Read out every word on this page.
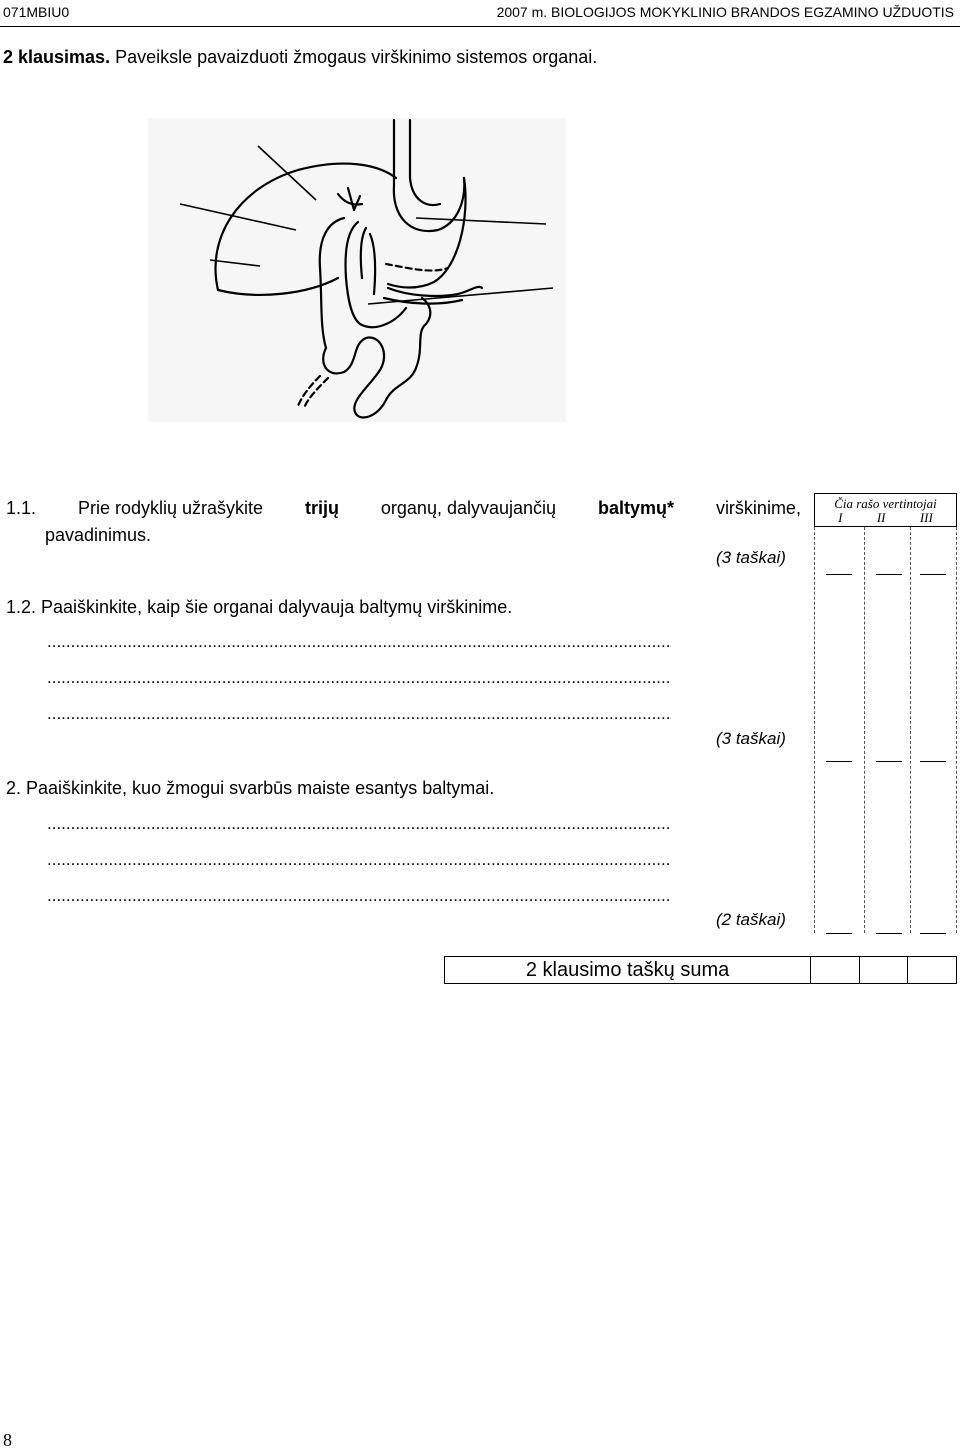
071MBIU0	2007 m. BIOLOGIJOS MOKYKLINIO BRANDOS EGZAMINO UŽDUOTIS
2 klausimas. Paveiksle pavaizduoti žmogaus virškinimo sistemos organai.
1.1. Prie rodyklių užrašykite trijų organų, dalyvaujančių baltymų* virškinime,
pavadinimus.
(3 taškai)
1.2. Paaiškinkite, kaip šie organai dalyvauja baltymų virškinime.
....................................................................................................................................
....................................................................................................................................
....................................................................................................................................
(3 taškai)
2. Paaiškinkite, kuo žmogui svarbūs maiste esantys baltymai.
....................................................................................................................................
....................................................................................................................................
....................................................................................................................................
(2 taškai)
Čia rašo vertintojai
I	II	III
2 klausimo taškų suma
8
